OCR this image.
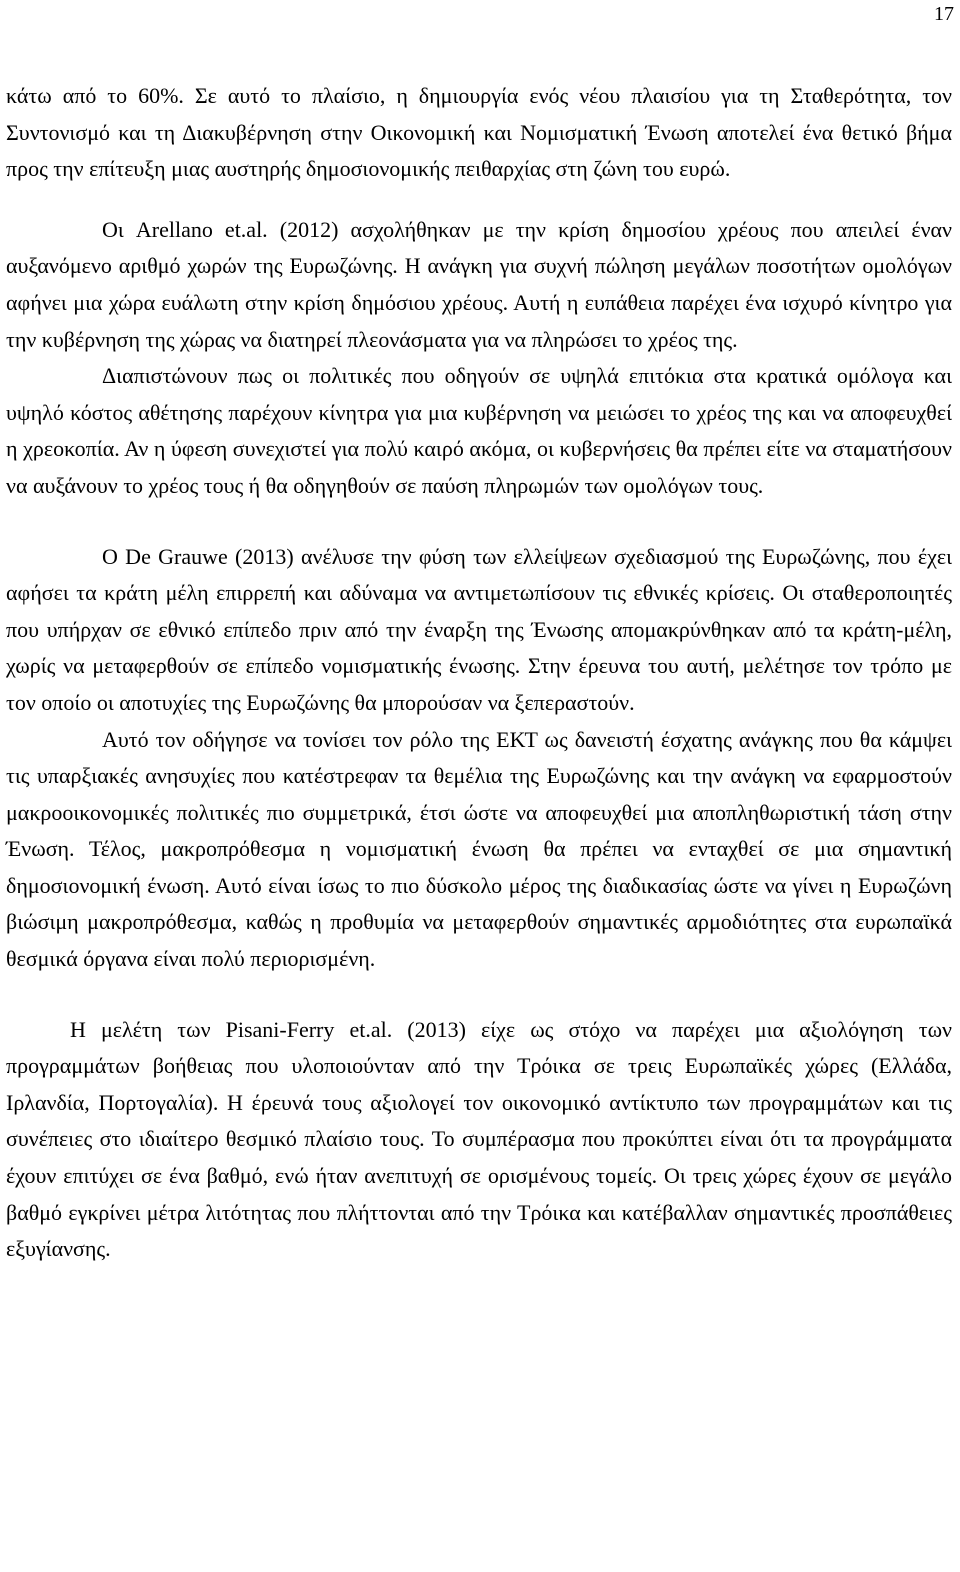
17

κάτω από το 60%. Σε αυτό το πλαίσιο, η δημιουργία ενός νέου πλαισίου για τη Σταθερότητα, τον Συντονισμό και τη Διακυβέρνηση στην Οικονομική και Νομισματική Ένωση αποτελεί ένα θετικό βήμα προς την επίτευξη μιας αυστηρής δημοσιονομικής πειθαρχίας στη ζώνη του ευρώ.

Οι Arellano et.al. (2012) ασχολήθηκαν με την κρίση δημοσίου χρέους που απειλεί έναν αυξανόμενο αριθμό χωρών της Ευρωζώνης. Η ανάγκη για συχνή πώληση μεγάλων ποσοτήτων ομολόγων αφήνει μια χώρα ευάλωτη στην κρίση δημόσιου χρέους. Αυτή η ευπάθεια παρέχει ένα ισχυρό κίνητρο για την κυβέρνηση της χώρας να διατηρεί πλεονάσματα για να πληρώσει το χρέος της.

Διαπιστώνουν πως οι πολιτικές που οδηγούν σε υψηλά επιτόκια στα κρατικά ομόλογα και υψηλό κόστος αθέτησης παρέχουν κίνητρα για μια κυβέρνηση να μειώσει το χρέος της και να αποφευχθεί η χρεοκοπία. Αν η ύφεση συνεχιστεί για πολύ καιρό ακόμα, οι κυβερνήσεις θα πρέπει είτε να σταματήσουν να αυξάνουν το χρέος τους ή θα οδηγηθούν σε παύση πληρωμών των ομολόγων τους.

Ο De Grauwe (2013) ανέλυσε την φύση των ελλείψεων σχεδιασμού της Ευρωζώνης, που έχει αφήσει τα κράτη μέλη επιρρεπή και αδύναμα να αντιμετωπίσουν τις εθνικές κρίσεις. Οι σταθεροποιητές που υπήρχαν σε εθνικό επίπεδο πριν από την έναρξη της Ένωσης απομακρύνθηκαν από τα κράτη-μέλη, χωρίς να μεταφερθούν σε επίπεδο νομισματικής ένωσης. Στην έρευνα του αυτή, μελέτησε τον τρόπο με τον οποίο οι αποτυχίες της Ευρωζώνης θα μπορούσαν να ξεπεραστούν.

Αυτό τον οδήγησε να τονίσει τον ρόλο της ΕΚΤ ως δανειστή έσχατης ανάγκης που θα κάμψει τις υπαρξιακές ανησυχίες που κατέστρεφαν τα θεμέλια της Ευρωζώνης και την ανάγκη να εφαρμοστούν μακροοικονομικές πολιτικές πιο συμμετρικά, έτσι ώστε να αποφευχθεί μια αποπληθωριστική τάση στην Ένωση. Τέλος, μακροπρόθεσμα η νομισματική ένωση θα πρέπει να ενταχθεί σε μια σημαντική δημοσιονομική ένωση. Αυτό είναι ίσως το πιο δύσκολο μέρος της διαδικασίας ώστε να γίνει η Ευρωζώνη βιώσιμη μακροπρόθεσμα, καθώς η προθυμία να μεταφερθούν σημαντικές αρμοδιότητες στα ευρωπαϊκά θεσμικά όργανα είναι πολύ περιορισμένη.

Η μελέτη των Pisani-Ferry et.al. (2013) είχε ως στόχο να παρέχει μια αξιολόγηση των προγραμμάτων βοήθειας που υλοποιούνταν από την Τρόικα σε τρεις Ευρωπαϊκές χώρες (Ελλάδα, Ιρλανδία, Πορτογαλία). Η έρευνά τους αξιολογεί τον οικονομικό αντίκτυπο των προγραμμάτων και τις συνέπειες στο ιδιαίτερο θεσμικό πλαίσιο τους. Το συμπέρασμα που προκύπτει είναι ότι τα προγράμματα έχουν επιτύχει σε ένα βαθμό, ενώ ήταν ανεπιτυχή σε ορισμένους τομείς. Οι τρεις χώρες έχουν σε μεγάλο βαθμό εγκρίνει μέτρα λιτότητας που πλήττονται από την Τρόικα και κατέβαλλαν σημαντικές προσπάθειες εξυγίανσης.
